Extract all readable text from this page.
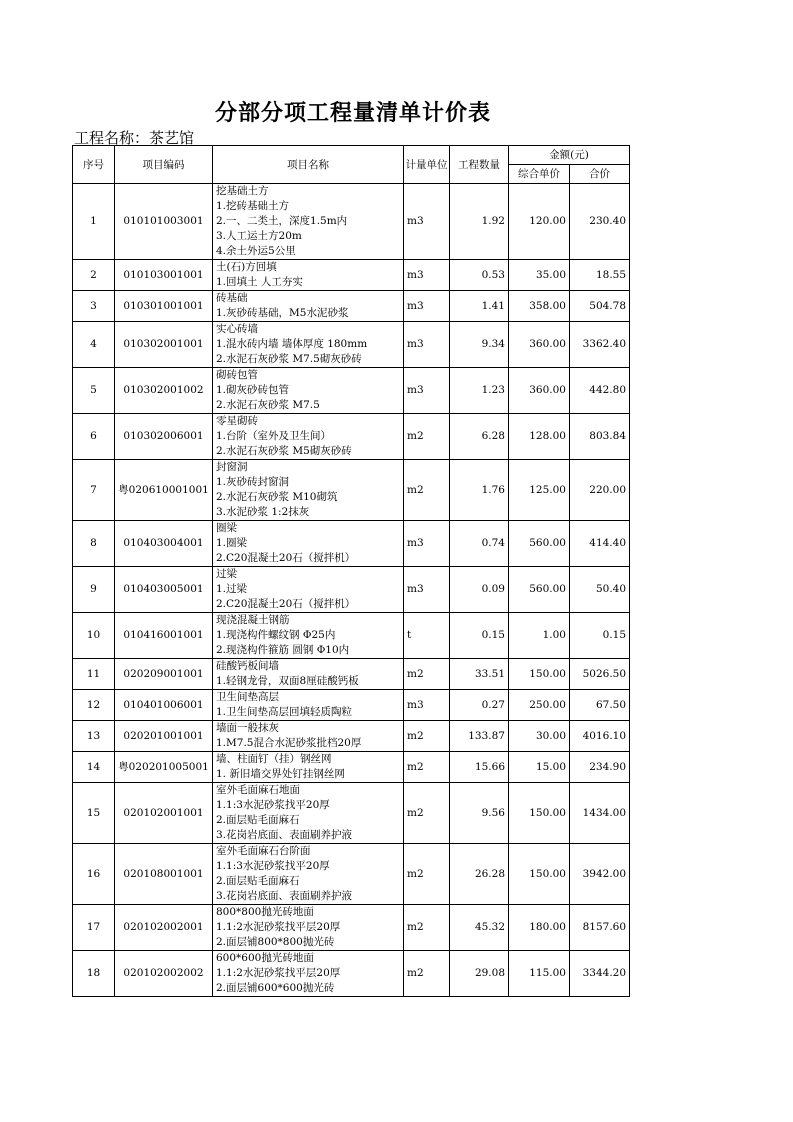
分部分项工程量清单计价表
工程名称：茶艺馆
序号	项目编码	项目名称	计量单位	工程数量	金额(元)	
					综合单价	合价
1	010101003001	挖基础土方
1.挖砖基础土方
2.一、二类土，深度1.5m内
3.人工运土方20m
4.余土外运5公里	m3	1.92	120.00	230.40
2	010103001001	土(石)方回填
1.回填土 人工夯实	m3	0.53	35.00	18.55
3	010301001001	砖基础
1.灰砂砖基础，M5水泥砂浆	m3	1.41	358.00	504.78
4	010302001001	实心砖墙
1.混水砖内墙 墙体厚度 180mm
2.水泥石灰砂浆 M7.5砌灰砂砖	m3	9.34	360.00	3362.40
5	010302001002	砌砖包管
1.砌灰砂砖包管
2.水泥石灰砂浆 M7.5	m3	1.23	360.00	442.80
6	010302006001	零星砌砖
1.台阶（室外及卫生间）
2.水泥石灰砂浆 M5砌灰砂砖	m2	6.28	128.00	803.84
7	粤020610001001	封窗洞
1.灰砂砖封窗洞
2.水泥石灰砂浆 M10砌筑
3.水泥砂浆 1:2抹灰	m2	1.76	125.00	220.00
8	010403004001	圈梁
1.圈梁
2.C20混凝土20石（搅拌机）	m3	0.74	560.00	414.40
9	010403005001	过梁
1.过梁
2.C20混凝土20石（搅拌机）	m3	0.09	560.00	50.40
10	010416001001	现浇混凝土钢筋
1.现浇构件螺纹钢 Φ25内
2.现浇构件箍筋 圆钢 Φ10内	t	0.15	1.00	0.15
11	020209001001	硅酸钙板间墙
1.轻钢龙骨，双面8厘硅酸钙板	m2	33.51	150.00	5026.50
12	010401006001	卫生间垫高层
1.卫生间垫高层回填轻质陶粒	m3	0.27	250.00	67.50
13	020201001001	墙面一般抹灰
1.M7.5混合水泥砂浆批档20厚	m2	133.87	30.00	4016.10
14	粤020201005001	墙、柱面钉（挂）钢丝网
1. 新旧墙交界处钉挂钢丝网	m2	15.66	15.00	234.90
15	020102001001	室外毛面麻石地面
1.1:3水泥砂浆找平20厚
2.面层贴毛面麻石
3.花岗岩底面、表面刷养护液	m2	9.56	150.00	1434.00
16	020108001001	室外毛面麻石台阶面
1.1:3水泥砂浆找平20厚
2.面层贴毛面麻石
3.花岗岩底面、表面刷养护液	m2	26.28	150.00	3942.00
17	020102002001	800*800抛光砖地面
1.1:2水泥砂浆找平层20厚
2.面层铺800*800抛光砖	m2	45.32	180.00	8157.60
18	020102002002	600*600抛光砖地面
1.1:2水泥砂浆找平层20厚
2.面层铺600*600抛光砖	m2	29.08	115.00	3344.20
